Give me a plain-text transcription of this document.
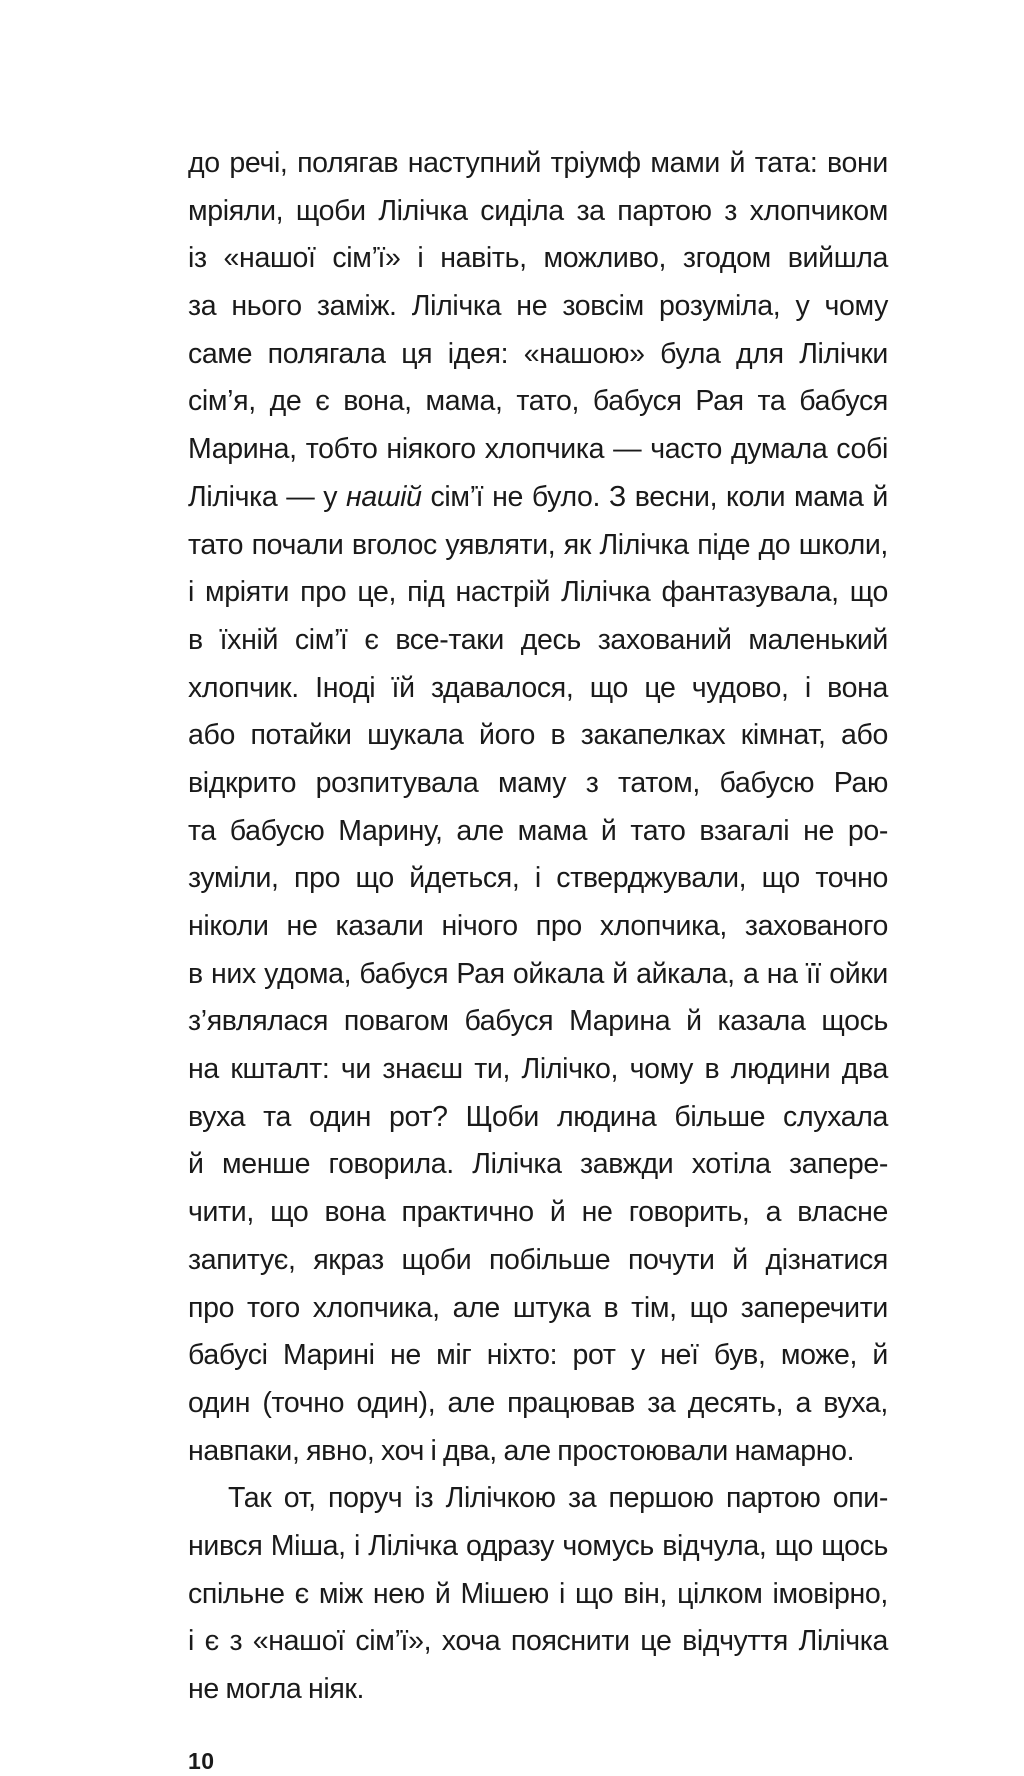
до речі, полягав наступний тріумф мами й тата: вони
мріяли, щоби Лілічка сиділа за партою з хлопчиком
із «нашої сім’ї» і навіть, можливо, згодом вийшла
за нього заміж. Лілічка не зовсім розуміла, у чому
саме полягала ця ідея: «нашою» була для Лілічки
сім’я, де є вона, мама, тато, бабуся Рая та бабуся
Марина, тобто ніякого хлопчика — часто думала собі
Лілічка — у нашій сім’ї не було. З весни, коли мама й
тато почали вголос уявляти, як Лілічка піде до школи,
і мріяти про це, під настрій Лілічка фантазувала, що
в їхній сім’ї є все-таки десь захований маленький
хлопчик. Іноді їй здавалося, що це чудово, і вона
або потайки шукала його в закапелках кімнат, або
відкрито розпитувала маму з татом, бабусю Раю
та бабусю Марину, але мама й тато взагалі не ро-
зуміли, про що йдеться, і стверджували, що точно
ніколи не казали нічого про хлопчика, захованого
в них удома, бабуся Рая ойкала й айкала, а на її ойки
з’являлася повагом бабуся Марина й казала щось
на кшталт: чи знаєш ти, Лілічко, чому в людини два
вуха та один рот? Щоби людина більше слухала
й менше говорила. Лілічка завжди хотіла запере-
чити, що вона практично й не говорить, а власне
запитує, якраз щоби побільше почути й дізнатися
про того хлопчика, але штука в тім, що заперечити
бабусі Марині не міг ніхто: рот у неї був, може, й
один (точно один), але працював за десять, а вуха,
навпаки, явно, хоч і два, але простоювали намарно.
Так от, поруч із Лілічкою за першою партою опи-
нився Міша, і Лілічка одразу чомусь відчула, що щось
спільне є між нею й Мішею і що він, цілком імовірно,
і є з «нашої сім’ї», хоча пояснити це відчуття Лілічка
не могла ніяк.
10
